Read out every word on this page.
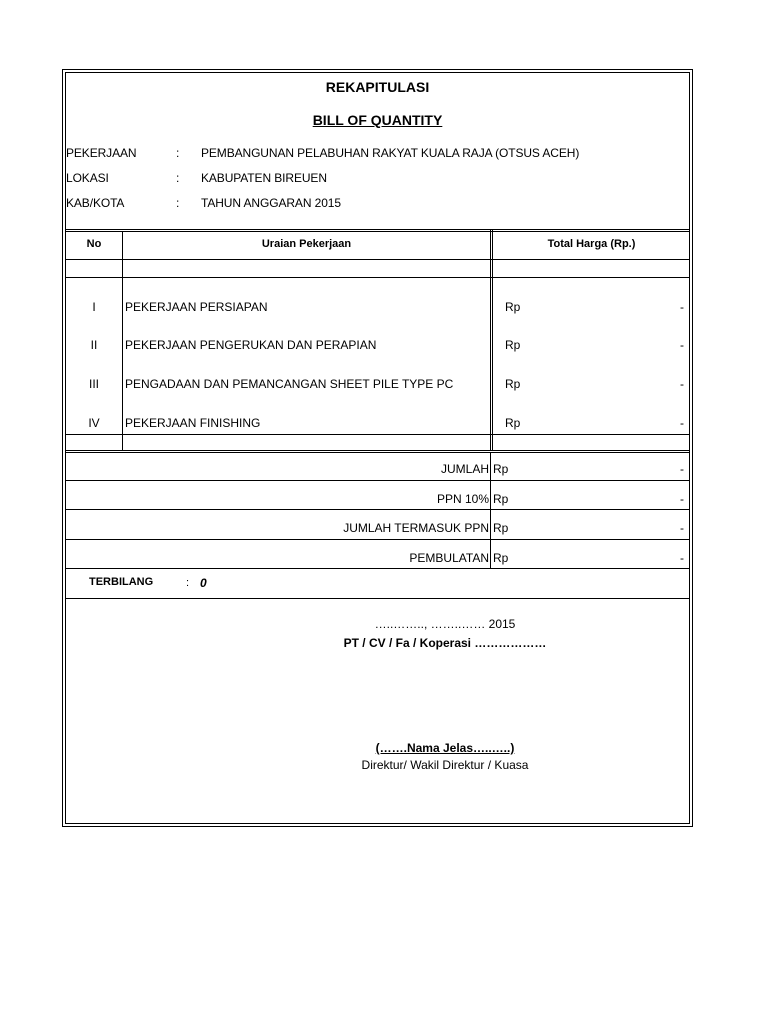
REKAPITULASI
BILL OF QUANTITY
PEKERJAAN	: PEMBANGUNAN PELABUHAN RAKYAT KUALA RAJA (OTSUS ACEH)
LOKASI	: KABUPATEN BIREUEN
KAB/KOTA	: TAHUN ANGGARAN 2015
No	Uraian Pekerjaan	Total Harga (Rp.)
I	PEKERJAAN PERSIAPAN	Rp	-
II	PEKERJAAN PENGERUKAN DAN PERAPIAN	Rp	-
III	PENGADAAN DAN PEMANCANGAN SHEET PILE TYPE PC	Rp	-
IV	PEKERJAAN FINISHING	Rp	-
JUMLAH Rp	-
PPN 10% Rp	-
JUMLAH TERMASUK PPN Rp	-
PEMBULATAN Rp	-
TERBILANG	: 0
…..…….., ……..…… 2015
PT / CV / Fa / Koperasi ………………
(…….Nama Jelas…..…..)
Direktur/ Wakil Direktur / Kuasa
